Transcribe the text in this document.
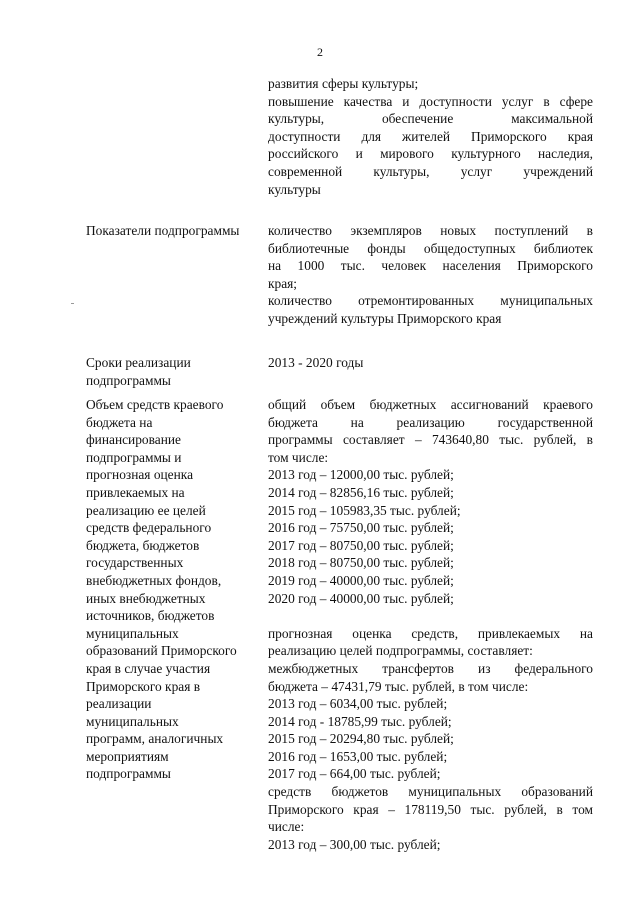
2
развития сферы культуры;
повышение качества и доступности услуг в сфере
культуры, обеспечение максимальной
доступности для жителей Приморского края
российского и мирового культурного наследия,
современной культуры, услуг учреждений
культуры
Показатели подпрограммы	количество экземпляров новых поступлений в
библиотечные фонды общедоступных библиотек
на 1000 тыс. человек населения Приморского
края;
количество отремонтированных муниципальных
учреждений культуры Приморского края
Сроки реализации
подпрограммы
2013 - 2020 годы
Объем средств краевого
бюджета на
финансирование
подпрограммы и
прогнозная оценка
привлекаемых на
реализацию ее целей
средств федерального
бюджета, бюджетов
государственных
внебюджетных фондов,
иных внебюджетных
источников, бюджетов
муниципальных
образований Приморского
края в случае участия
Приморского края в
реализации
муниципальных
программ, аналогичных
мероприятиям
подпрограммы
общий объем бюджетных ассигнований краевого
бюджета на реализацию государственной
программы составляет – 743640,80 тыс. рублей, в
том числе:
2013 год – 12000,00 тыс. рублей;
2014 год – 82856,16 тыс. рублей;
2015 год – 105983,35 тыс. рублей;
2016 год – 75750,00 тыс. рублей;
2017 год – 80750,00 тыс. рублей;
2018 год – 80750,00 тыс. рублей;
2019 год – 40000,00 тыс. рублей;
2020 год – 40000,00 тыс. рублей;

прогнозная оценка средств, привлекаемых на
реализацию целей подпрограммы, составляет:
межбюджетных трансфертов из федерального
бюджета – 47431,79 тыс. рублей, в том числе:
2013 год – 6034,00 тыс. рублей;
2014 год - 18785,99 тыс. рублей;
2015 год – 20294,80 тыс. рублей;
2016 год – 1653,00 тыс. рублей;
2017 год – 664,00 тыс. рублей;
средств бюджетов муниципальных образований
Приморского края – 178119,50 тыс. рублей, в том
числе:
2013 год – 300,00 тыс. рублей;
